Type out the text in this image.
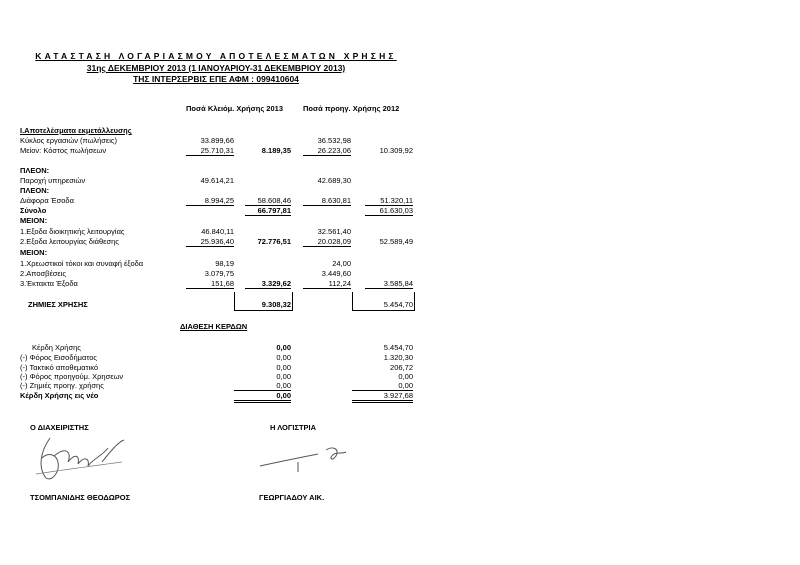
ΚΑΤΑΣΤΑΣΗ ΛΟΓΑΡΙΑΣΜΟΥ ΑΠΟΤΕΛΕΣΜΑΤΩΝ ΧΡΗΣΗΣ
31ης ΔΕΚΕΜΒΡΙΟΥ 2013 (1 ΙΑΝΟΥΑΡΙΟΥ-31 ΔΕΚΕΜΒΡΙΟΥ 2013)
ΤΗΣ ΙΝΤΕΡΣΕΡΒΙΣ ΕΠΕ ΑΦΜ : 099410604
Ποσά Κλειόμ. Χρήσης 2013	Ποσά προηγ. Χρήσης 2012
Ι.Αποτελέσματα εκμετάλλευσης
Κύκλος εργασιών (πωλήσεις)	33.899,66	36.532,98
Μείον: Κόστος πωλήσεων	25.710,31	8.189,35	26.223,06	10.309,92
ΠΛΕΟΝ:
Παροχή υπηρεσιών	49.614,21	42.689,30
ΠΛΕΟΝ:
Διάφορα Έσοδα	8.994,25	58.608,46	8.630,81	51.320,11
Σύνολο	66.797,81	61.630,03
ΜΕΙΟΝ:
1.Εξοδα διοικητικής λειτουργίας	46.840,11	32.561,40
2.Εξοδα λειτουργίας διάθεσης	25.936,40	72.776,51	20.028,09	52.589,49
ΜΕΙΟΝ:
1.Χρεωστικοί τόκοι και συναφή έξοδα	98,19	24,00
2.Αποσβέσεις	3.079,75	3.449,60
3.Έκτακτα Έξοδα	151,68	3.329,62	112,24	3.585,84
ΖΗΜΙΕΣ ΧΡΗΣΗΣ	9.308,32	5.454,70
ΔΙΑΘΕΣΗ ΚΕΡΔΩΝ
Κέρδη Χρήσης	0,00	5.454,70
(-) Φόρος Εισοδήματος	0,00	1.320,30
(-) Τακτικό αποθεματικό	0,00	206,72
(-) Φόρος προηγούμ. Χρησεων	0,00	0,00
(-) Ζημιές προηγ. χρήσης	0,00	0,00
Κέρδη Χρήσης εις νέο	0,00	3.927,68
Ο ΔΙΑΧΕΙΡΙΣΤΗΣ	Η ΛΟΓΙΣΤΡΙΑ
ΤΣΟΜΠΑΝΙΔΗΣ ΘΕΟΔΩΡΟΣ	ΓΕΩΡΓΙΑΔΟΥ ΑΙΚ.
